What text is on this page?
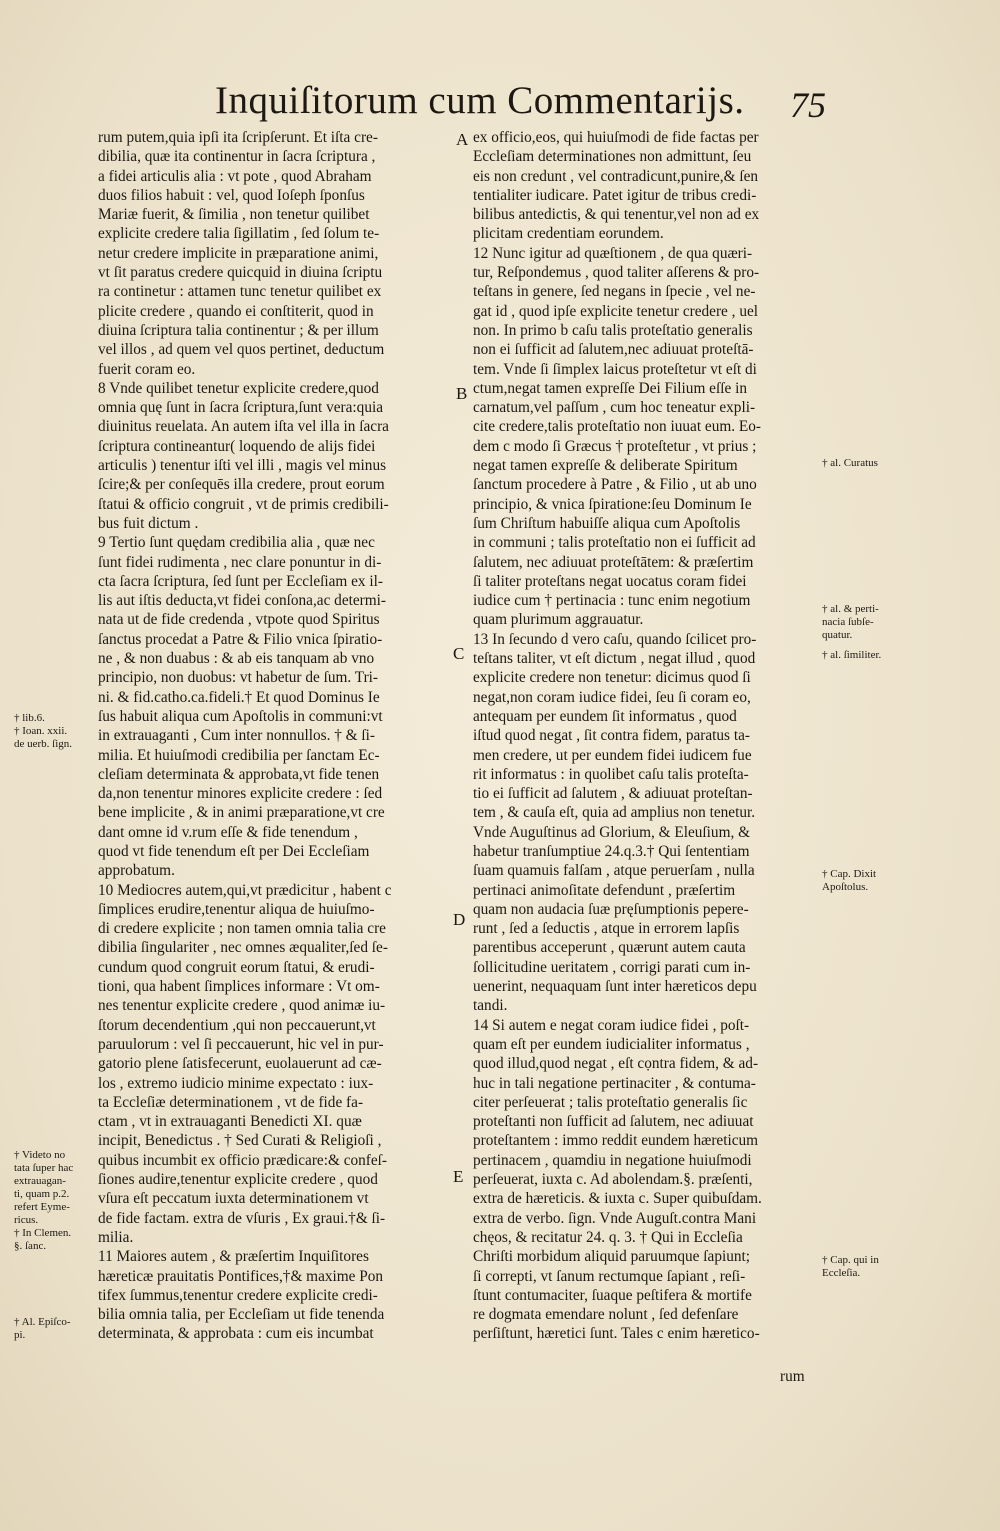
Inquiſitorum cum Commentarijs. 75
rum putem,quia ipſi ita ſcripſerunt. Et iſta cre-
dibilia, quæ ita continentur in ſacra ſcriptura ,
a fidei articulis alia : vt pote , quod Abraham
duos filios habuit : vel, quod Ioſeph ſponſus
Mariæ fuerit, & ſimilia , non tenetur quilibet
explicite credere talia ſigillatim , ſed ſolum te-
netur credere implicite in præparatione animi,
vt ſit paratus credere quicquid in diuina ſcriptu
ra continetur : attamen tunc tenetur quilibet ex
plicite credere , quando ei conſtiterit, quod in
diuina ſcriptura talia continentur ; & per illum
vel illos , ad quem vel quos pertinet, deductum
fuerit coram eo.
8 Vnde quilibet tenetur explicite credere,quod
omnia quę ſunt in ſacra ſcriptura,ſunt vera:quia
diuinitus reuelata. An autem iſta vel illa in ſacra
ſcriptura contineantur( loquendo de alijs fidei
articulis ) tenentur iſti vel illi , magis vel minus
ſcire;& per conſequēs illa credere, prout eorum
ſtatui & officio congruit , vt de primis credibili-
bus fuit dictum .
9 Tertio ſunt quędam credibilia alia , quæ nec
ſunt fidei rudimenta , nec clare ponuntur in di-
cta ſacra ſcriptura, ſed ſunt per Eccleſiam ex il-
lis aut iſtis deducta,vt fidei conſona,ac determi-
nata ut de fide credenda , vtpote quod Spiritus
ſanctus procedat a Patre & Filio vnica ſpiratio-
ne , & non duabus : & ab eis tanquam ab vno
principio, non duobus: vt habetur de ſum. Tri-
ni. & fid.catho.ca.fideli.† Et quod Dominus Ie
ſus habuit aliqua cum Apoſtolis in communi:vt
in extrauaganti , Cum inter nonnullos. † & ſi-
milia. Et huiuſmodi credibilia per ſanctam Ec-
cleſiam determinata & approbata,vt fide tenen
da,non tenentur minores explicite credere : ſed
bene implicite , & in animi præparatione,vt cre
dant omne id v.rum eſſe & fide tenendum ,
quod vt fide tenendum eſt per Dei Eccleſiam
approbatum.
10 Mediocres autem,qui,vt prædicitur , habent c
ſimplices erudire,tenentur aliqua de huiuſmo-
di credere explicite ; non tamen omnia talia cre
dibilia ſingulariter , nec omnes æqualiter,ſed ſe-
cundum quod congruit eorum ſtatui, & erudi-
tioni, qua habent ſimplices informare : Vt om-
nes tenentur explicite credere , quod animæ iu-
ſtorum decendentium ,qui non peccauerunt,vt
paruulorum : vel ſi peccauerunt, hic vel in pur-
gatorio plene ſatisfecerunt, euolauerunt ad cæ-
los , extremo iudicio minime expectato : iux-
ta Eccleſiæ determinationem , vt de fide fa-
ctam , vt in extrauaganti Benedicti XI. quæ
incipit, Benedictus . † Sed Curati & Religioſi ,
quibus incumbit ex officio prædicare:& confeſ-
ſiones audire,tenentur explicite credere , quod
vſura eſt peccatum iuxta determinationem vt
de fide factam. extra de vſuris , Ex graui.†& ſi-
milia.
11 Maiores autem , & præſertim Inquiſitores
hæreticæ prauitatis Pontifices,†& maxime Pon
tifex ſummus,tenentur credere explicite credi-
bilia omnia talia, per Eccleſiam ut fide tenenda
determinata, & approbata : cum eis incumbat
ex officio,eos, qui huiuſmodi de fide factas per
Eccleſiam determinationes non admittunt, ſeu
eis non credunt , vel contradicunt,punire,& ſen
tentialiter iudicare. Patet igitur de tribus credi-
bilibus antedictis, & qui tenentur,vel non ad ex
plicitam credentiam eorundem.
12 Nunc igitur ad quæſtionem , de qua quæri-
tur, Reſpondemus , quod taliter aſſerens & pro-
teſtans in genere, ſed negans in ſpecie , vel ne-
gat id , quod ipſe explicite tenetur credere , uel
non. In primo b caſu talis proteſtatio generalis
non ei ſufficit ad ſalutem,nec adiuuat proteſtā-
tem. Vnde ſi ſimplex laicus proteſtetur vt eſt di
ctum,negat tamen expreſſe Dei Filium eſſe in
carnatum,vel paſſum , cum hoc teneatur expli-
cite credere,talis proteſtatio non iuuat eum. Eo-
dem c modo ſi Græcus † proteſtetur , vt prius ;
negat tamen expreſſe & deliberate Spiritum
ſanctum procedere à Patre , & Filio , ut ab uno
principio, & vnica ſpiratione:ſeu Dominum Ie
ſum Chriſtum habuiſſe aliqua cum Apoſtolis
in communi ; talis proteſtatio non ei ſufficit ad
ſalutem, nec adiuuat proteſtātem: & præſertim
ſi taliter proteſtans negat uocatus coram fidei
iudice cum † pertinacia : tunc enim negotium
quam plurimum aggrauatur.
13 In ſecundo d vero caſu, quando ſcilicet pro-
teſtans taliter, vt eſt dictum , negat illud , quod
explicite credere non tenetur: dicimus quod ſi
negat,non coram iudice fidei, ſeu ſi coram eo,
antequam per eundem ſit informatus , quod
iſtud quod negat , ſit contra fidem, paratus ta-
men credere, ut per eundem fidei iudicem fue
rit informatus : in quolibet caſu talis proteſta-
tio ei ſufficit ad ſalutem , & adiuuat proteſtan-
tem , & cauſa eſt, quia ad amplius non tenetur.
Vnde Auguſtinus ad Glorium, & Eleuſium, &
habetur tranſumptiue 24.q.3.† Qui ſententiam
ſuam quamuis falſam , atque peruerſam , nulla
pertinaci animoſitate defendunt , præſertim
quam non audacia ſuæ pręſumptionis pepere-
runt , ſed a ſeductis , atque in errorem lapſis
parentibus acceperunt , quærunt autem cauta
ſollicitudine ueritatem , corrigi parati cum in-
uenerint, nequaquam ſunt inter hæreticos depu
tandi.
14 Si autem e negat coram iudice fidei , poſt-
quam eſt per eundem iudicialiter informatus ,
quod illud,quod negat , eſt cọntra fidem, & ad-
huc in tali negatione pertinaciter , & contuma-
citer perſeuerat ; talis proteſtatio generalis ſic
proteſtanti non ſufficit ad ſalutem, nec adiuuat
proteſtantem : immo reddit eundem hæreticum
pertinacem , quamdiu in negatione huiuſmodi
perſeuerat, iuxta c. Ad abolendam.§. præſenti,
extra de hæreticis. & iuxta c. Super quibuſdam.
extra de verbo. ſign. Vnde Auguſt.contra Mani
chęos, & recitatur 24. q. 3. † Qui in Eccleſia
Chriſti morbidum aliquid paruumque ſapiunt;
ſi correpti, vt ſanum rectumque ſapiant , reſi-
ſtunt contumaciter, ſuaque peſtifera & mortife
re dogmata emendare nolunt , ſed defenſare
perſiſtunt, hæretici ſunt. Tales c enim hæretico-
A
B
C
D
E
† lib.6.
† Ioan. xxii.
de uerb. ſign.
† Videto no
tata ſuper hac
extrauagan-
ti, quam p.2.
refert Eyme-
ricus.
† In Clemen.
§. ſanc.
† Al. Epiſco-
pi.
† al. Curatus
† al. & perti-
nacia ſubſe-
quatur.
† al. ſimiliter.
† Cap. Dixit
Apoſtolus.
† Cap. qui in
Eccleſia.
rum
